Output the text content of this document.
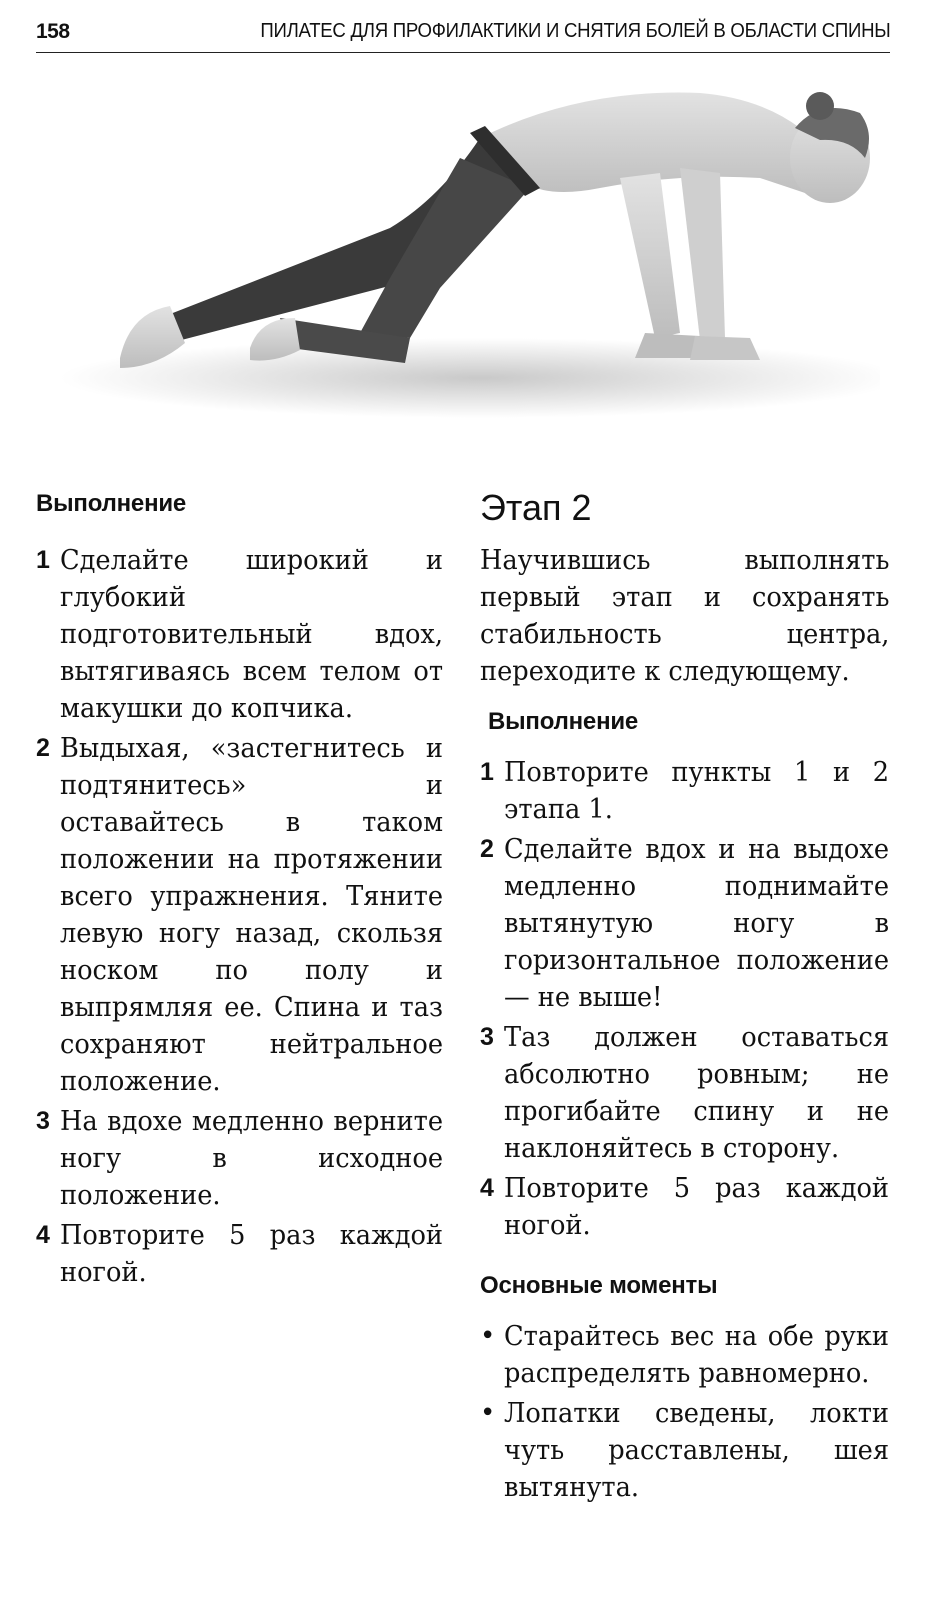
158	ПИЛАТЕС ДЛЯ ПРОФИЛАКТИКИ И СНЯТИЯ БОЛЕЙ В ОБЛАСТИ СПИНЫ
Выполнение
1 Сделайте широкий и глубокий подготовительный вдох, вытягиваясь всем телом от макушки до копчика.
2 Выдыхая, «застегнитесь и подтянитесь» и оставайтесь в таком положении на протяжении всего упражнения. Тяните левую ногу назад, скользя носком по полу и выпрямляя ее. Спина и таз сохраняют нейтральное положение.
3 На вдохе медленно верните ногу в исходное положение.
4 Повторите 5 раз каждой ногой.
Этап 2

Научившись выполнять первый этап и сохранять стабильность центра, переходите к следующему.

Выполнение
1 Повторите пункты 1 и 2 этапа 1.
2 Сделайте вдох и на выдохе медленно поднимайте вытянутую ногу в горизонтальное положение — не выше!
3 Таз должен оставаться абсолютно ровным; не прогибайте спину и не наклоняйтесь в сторону.
4 Повторите 5 раз каждой ногой.
Основные моменты
• Старайтесь вес на обе руки распределять равномерно.
• Лопатки сведены, локти чуть расставлены, шея вытянута.
